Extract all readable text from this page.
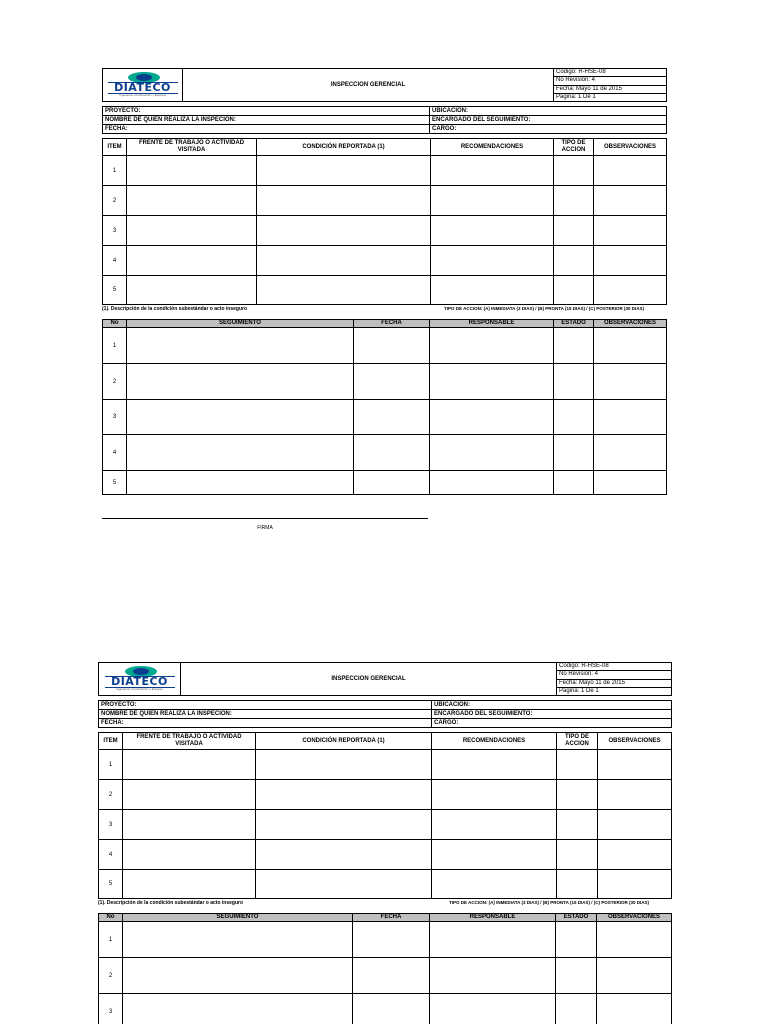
DIATECO
Ingeniería, Construcción y Equipos
	INSPECCION GERENCIAL	Codigo: R-HSE-08
No Revision: 4
Fecha: Mayo 11 de 2015
Pagina: 1 De 1
PROYECTO:	UBICACIÓN:
NOMBRE DE QUIEN REALIZA LA INSPECIÓN:	ENCARGADO DEL SEGUIMIENTO:
FECHA:	CARGO:
ITEM	FRENTE DE TRABAJO O ACTIVIDAD VISITADA	CONDICIÓN REPORTADA (1)	RECOMENDACIONES	TIPO DE ACCION	OBSERVACIONES
1					
2					
3					
4					
5					
(1). Descripción de la condición subestándar o acto inseguro	TIPO DE ACCION: (A) INMEDIATA (3 DIAS) / (B) PRONTA (15 DIAS) / (C) POSTERIOR (30 DIAS)
No	SEGUIMIENTO	FECHA	RESPONSABLE	ESTADO	OBSERVACIONES
1					
2					
3					
4					
5					
FIRMA
DIATECO
Ingeniería, Construcción y Equipos
	INSPECCION GERENCIAL	Codigo: R-HSE-08
No Revision: 4
Fecha: Mayo 11 de 2015
Pagina: 1 De 1
PROYECTO:	UBICACIÓN:
NOMBRE DE QUIEN REALIZA LA INSPECIÓN:	ENCARGADO DEL SEGUIMIENTO:
FECHA:	CARGO:
ITEM	FRENTE DE TRABAJO O ACTIVIDAD VISITADA	CONDICIÓN REPORTADA (1)	RECOMENDACIONES	TIPO DE ACCION	OBSERVACIONES
1					
2					
3					
4					
5					
(1). Descripción de la condición subestándar o acto inseguro	TIPO DE ACCION: (A) INMEDIATA (3 DIAS) / (B) PRONTA (15 DIAS) / (C) POSTERIOR (30 DIAS)
No	SEGUIMIENTO	FECHA	RESPONSABLE	ESTADO	OBSERVACIONES
1					
2					
3					
